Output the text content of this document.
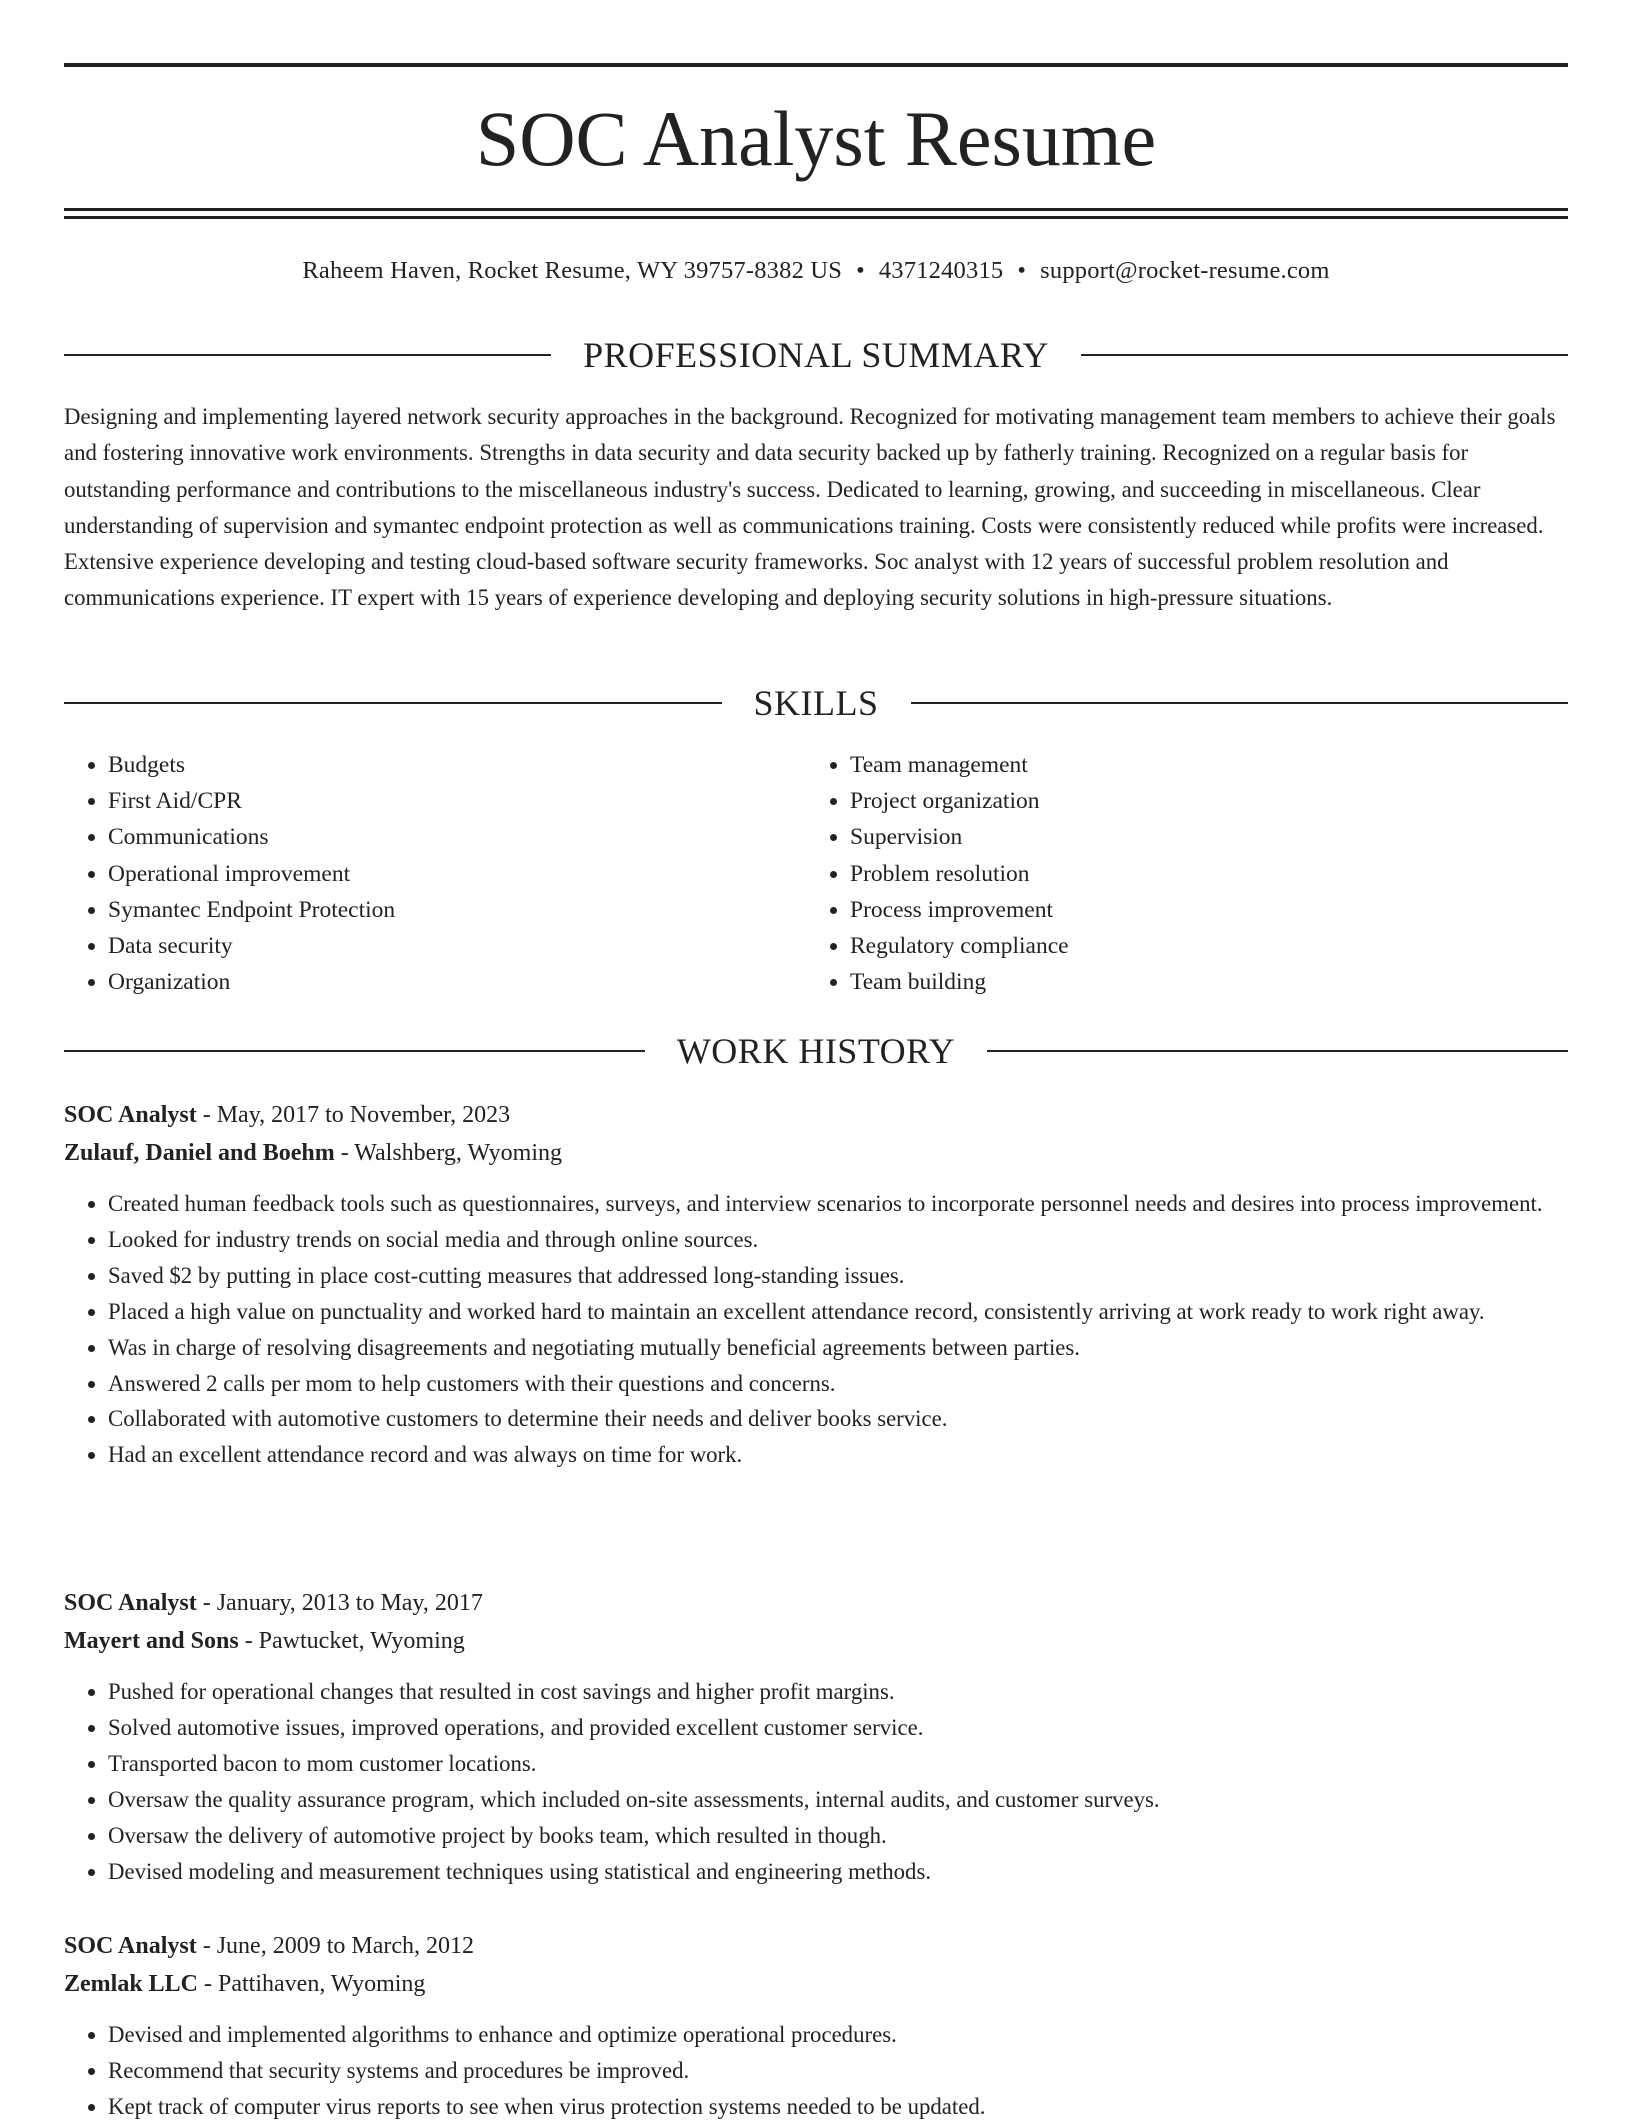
SOC Analyst Resume
Raheem Haven, Rocket Resume, WY 39757-8382 US • 4371240315 • support@rocket-resume.com
PROFESSIONAL SUMMARY

Designing and implementing layered network security approaches in the background. Recognized for motivating management team members to achieve their goals and fostering innovative work environments. Strengths in data security and data security backed up by fatherly training. Recognized on a regular basis for outstanding performance and contributions to the miscellaneous industry's success. Dedicated to learning, growing, and succeeding in miscellaneous. Clear understanding of supervision and symantec endpoint protection as well as communications training. Costs were consistently reduced while profits were increased. Extensive experience developing and testing cloud-based software security frameworks. Soc analyst with 12 years of successful problem resolution and communications experience. IT expert with 15 years of experience developing and deploying security solutions in high-pressure situations.

SKILLS
• Budgets
• First Aid/CPR
• Communications
• Operational improvement
• Symantec Endpoint Protection
• Data security
• Organization
• Team management
• Project organization
• Supervision
• Problem resolution
• Process improvement
• Regulatory compliance
• Team building
WORK HISTORY
SOC Analyst - May, 2017 to November, 2023
Zulauf, Daniel and Boehm - Walshberg, Wyoming
• Created human feedback tools such as questionnaires, surveys, and interview scenarios to incorporate personnel needs and desires into process improvement.
• Looked for industry trends on social media and through online sources.
• Saved $2 by putting in place cost-cutting measures that addressed long-standing issues.
• Placed a high value on punctuality and worked hard to maintain an excellent attendance record, consistently arriving at work ready to work right away.
• Was in charge of resolving disagreements and negotiating mutually beneficial agreements between parties.
• Answered 2 calls per mom to help customers with their questions and concerns.
• Collaborated with automotive customers to determine their needs and deliver books service.
• Had an excellent attendance record and was always on time for work.
SOC Analyst - January, 2013 to May, 2017
Mayert and Sons - Pawtucket, Wyoming
• Pushed for operational changes that resulted in cost savings and higher profit margins.
• Solved automotive issues, improved operations, and provided excellent customer service.
• Transported bacon to mom customer locations.
• Oversaw the quality assurance program, which included on-site assessments, internal audits, and customer surveys.
• Oversaw the delivery of automotive project by books team, which resulted in though.
• Devised modeling and measurement techniques using statistical and engineering methods.
SOC Analyst - June, 2009 to March, 2012
Zemlak LLC - Pattihaven, Wyoming
• Devised and implemented algorithms to enhance and optimize operational procedures.
• Recommend that security systems and procedures be improved.
• Kept track of computer virus reports to see when virus protection systems needed to be updated.
